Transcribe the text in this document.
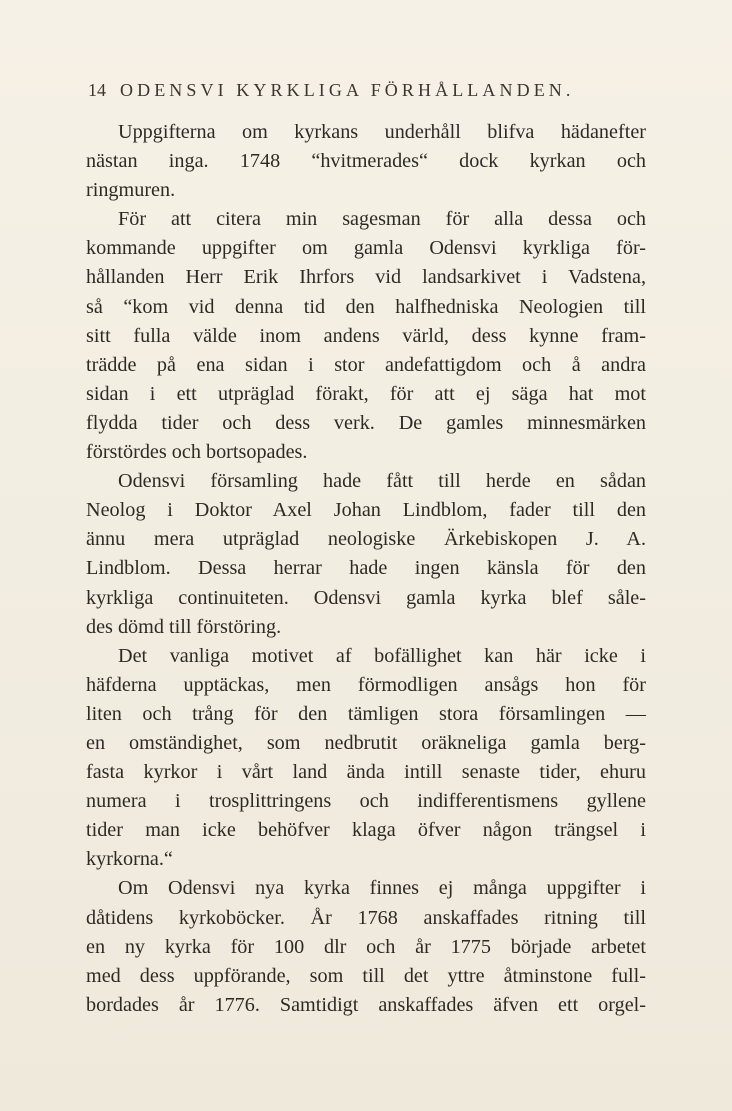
14 ODENSVI KYRKLIGA FÖRHÅLLANDEN.
Uppgifterna om kyrkans underhåll blifva hädanefter
nästan inga. 1748 “hvitmerades“ dock kyrkan och
ringmuren.
För att citera min sagesman för alla dessa och
kommande uppgifter om gamla Odensvi kyrkliga för-
hållanden Herr Erik Ihrfors vid landsarkivet i Vadstena,
så “kom vid denna tid den halfhedniska Neologien till
sitt fulla välde inom andens värld, dess kynne fram-
trädde på ena sidan i stor andefattigdom och å andra
sidan i ett utpräglad förakt, för att ej säga hat mot
flydda tider och dess verk. De gamles minnesmärken
förstördes och bortsopades.
Odensvi församling hade fått till herde en sådan
Neolog i Doktor Axel Johan Lindblom, fader till den
ännu mera utpräglad neologiske Ärkebiskopen J. A.
Lindblom. Dessa herrar hade ingen känsla för den
kyrkliga continuiteten. Odensvi gamla kyrka blef såle-
des dömd till förstöring.
Det vanliga motivet af bofällighet kan här icke i
häfderna upptäckas, men förmodligen ansågs hon för
liten och trång för den tämligen stora församlingen —
en omständighet, som nedbrutit oräkneliga gamla berg-
fasta kyrkor i vårt land ända intill senaste tider, ehuru
numera i trosplittringens och indifferentismens gyllene
tider man icke behöfver klaga öfver någon trängsel i
kyrkorna.“
Om Odensvi nya kyrka finnes ej många uppgifter i
dåtidens kyrkoböcker. År 1768 anskaffades ritning till
en ny kyrka för 100 dlr och år 1775 började arbetet
med dess uppförande, som till det yttre åtminstone full-
bordades år 1776. Samtidigt anskaffades äfven ett orgel-
